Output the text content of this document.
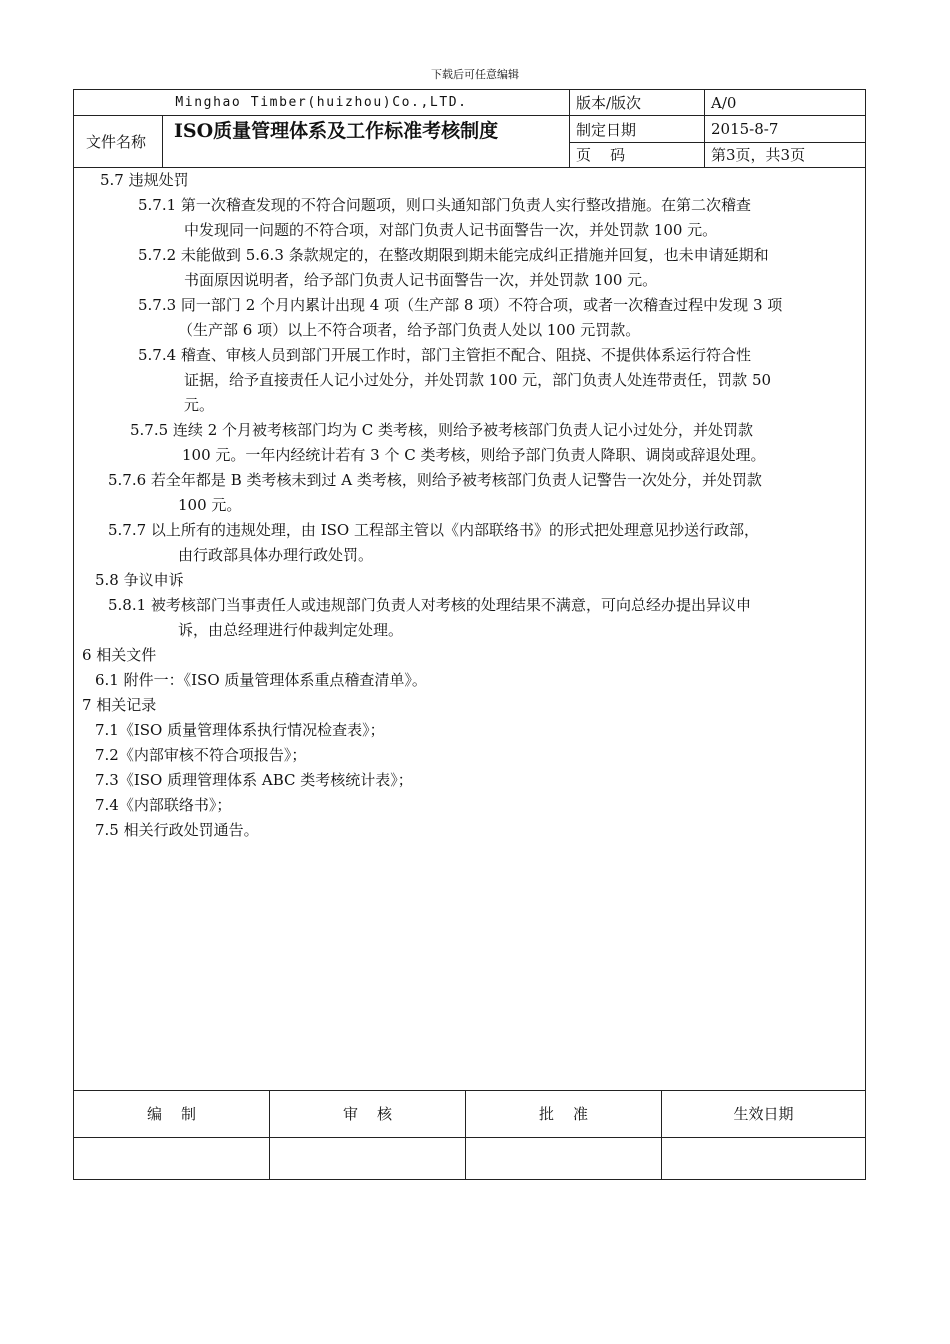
下载后可任意编辑
Minghao Timber(huizhou)Co.,LTD.
文件名称
ISO质量管理体系及工作标准考核制度
版本/版次	A/0
制定日期	2015-8-7
页    码	第3页，共3页
编    制	审    核	批    准	生效日期
5.7 违规处罚
5.7.1 第一次稽查发现的不符合问题项，则口头通知部门负责人实行整改措施。在第二次稽查
中发现同一问题的不符合项，对部门负责人记书面警告一次，并处罚款 100 元。
5.7.2 未能做到 5.6.3 条款规定的，在整改期限到期未能完成纠正措施并回复，也未申请延期和
书面原因说明者，给予部门负责人记书面警告一次，并处罚款 100 元。
5.7.3 同一部门 2 个月内累计出现 4 项（生产部 8 项）不符合项，或者一次稽查过程中发现 3 项
（生产部 6 项）以上不符合项者，给予部门负责人处以 100 元罚款。
5.7.4 稽查、审核人员到部门开展工作时，部门主管拒不配合、阻挠、不提供体系运行符合性
证据，给予直接责任人记小过处分，并处罚款 100 元，部门负责人处连带责任，罚款 50
元。
5.7.5 连续 2 个月被考核部门均为 C 类考核，则给予被考核部门负责人记小过处分，并处罚款
100 元。一年内经统计若有 3 个 C 类考核，则给予部门负责人降职、调岗或辞退处理。
5.7.6 若全年都是 B 类考核未到过 A 类考核，则给予被考核部门负责人记警告一次处分，并处罚款
100 元。
5.7.7 以上所有的违规处理，由 ISO 工程部主管以《内部联络书》的形式把处理意见抄送行政部，
由行政部具体办理行政处罚。
5.8 争议申诉
5.8.1 被考核部门当事责任人或违规部门负责人对考核的处理结果不满意，可向总经办提出异议申
诉，由总经理进行仲裁判定处理。
6 相关文件
6.1 附件一：《ISO 质量管理体系重点稽查清单》。
7 相关记录
7.1《ISO 质量管理体系执行情况检查表》；
7.2《内部审核不符合项报告》；
7.3《ISO 质理管理体系 ABC 类考核统计表》；
7.4《内部联络书》；
7.5 相关行政处罚通告。
